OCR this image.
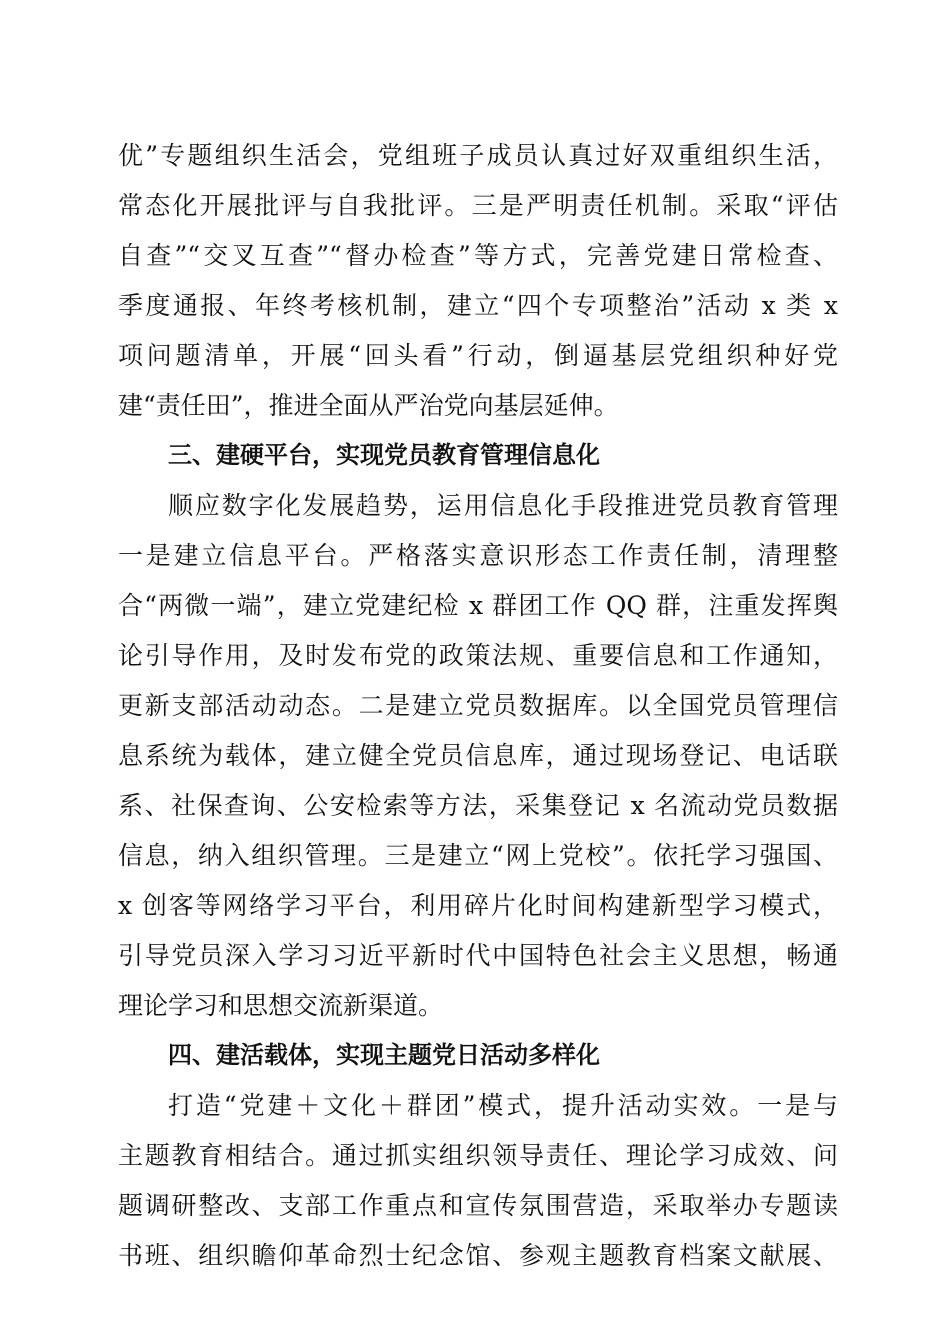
优”专题组织生活会，党组班子成员认真过好双重组织生活，
常态化开展批评与自我批评。三是严明责任机制。采取“评估
自查”“交叉互查”“督办检查”等方式，完善党建日常检查、
季度通报、年终考核机制，建立“四个专项整治”活动 x 类 x
项问题清单，开展“回头看”行动，倒逼基层党组织种好党
建“责任田”，推进全面从严治党向基层延伸。
三、建硬平台，实现党员教育管理信息化
顺应数字化发展趋势，运用信息化手段推进党员教育管理
一是建立信息平台。严格落实意识形态工作责任制，清理整
合“两微一端”，建立党建纪检 x 群团工作 QQ 群，注重发挥舆
论引导作用，及时发布党的政策法规、重要信息和工作通知，
更新支部活动动态。二是建立党员数据库。以全国党员管理信
息系统为载体，建立健全党员信息库，通过现场登记、电话联
系、社保查询、公安检索等方法，采集登记 x 名流动党员数据
信息，纳入组织管理。三是建立“网上党校”。依托学习强国、
x 创客等网络学习平台，利用碎片化时间构建新型学习模式，
引导党员深入学习习近平新时代中国特色社会主义思想，畅通
理论学习和思想交流新渠道。
四、建活载体，实现主题党日活动多样化
打造“党建＋文化＋群团”模式，提升活动实效。一是与
主题教育相结合。通过抓实组织领导责任、理论学习成效、问
题调研整改、支部工作重点和宣传氛围营造，采取举办专题读
书班、组织瞻仰革命烈士纪念馆、参观主题教育档案文献展、
